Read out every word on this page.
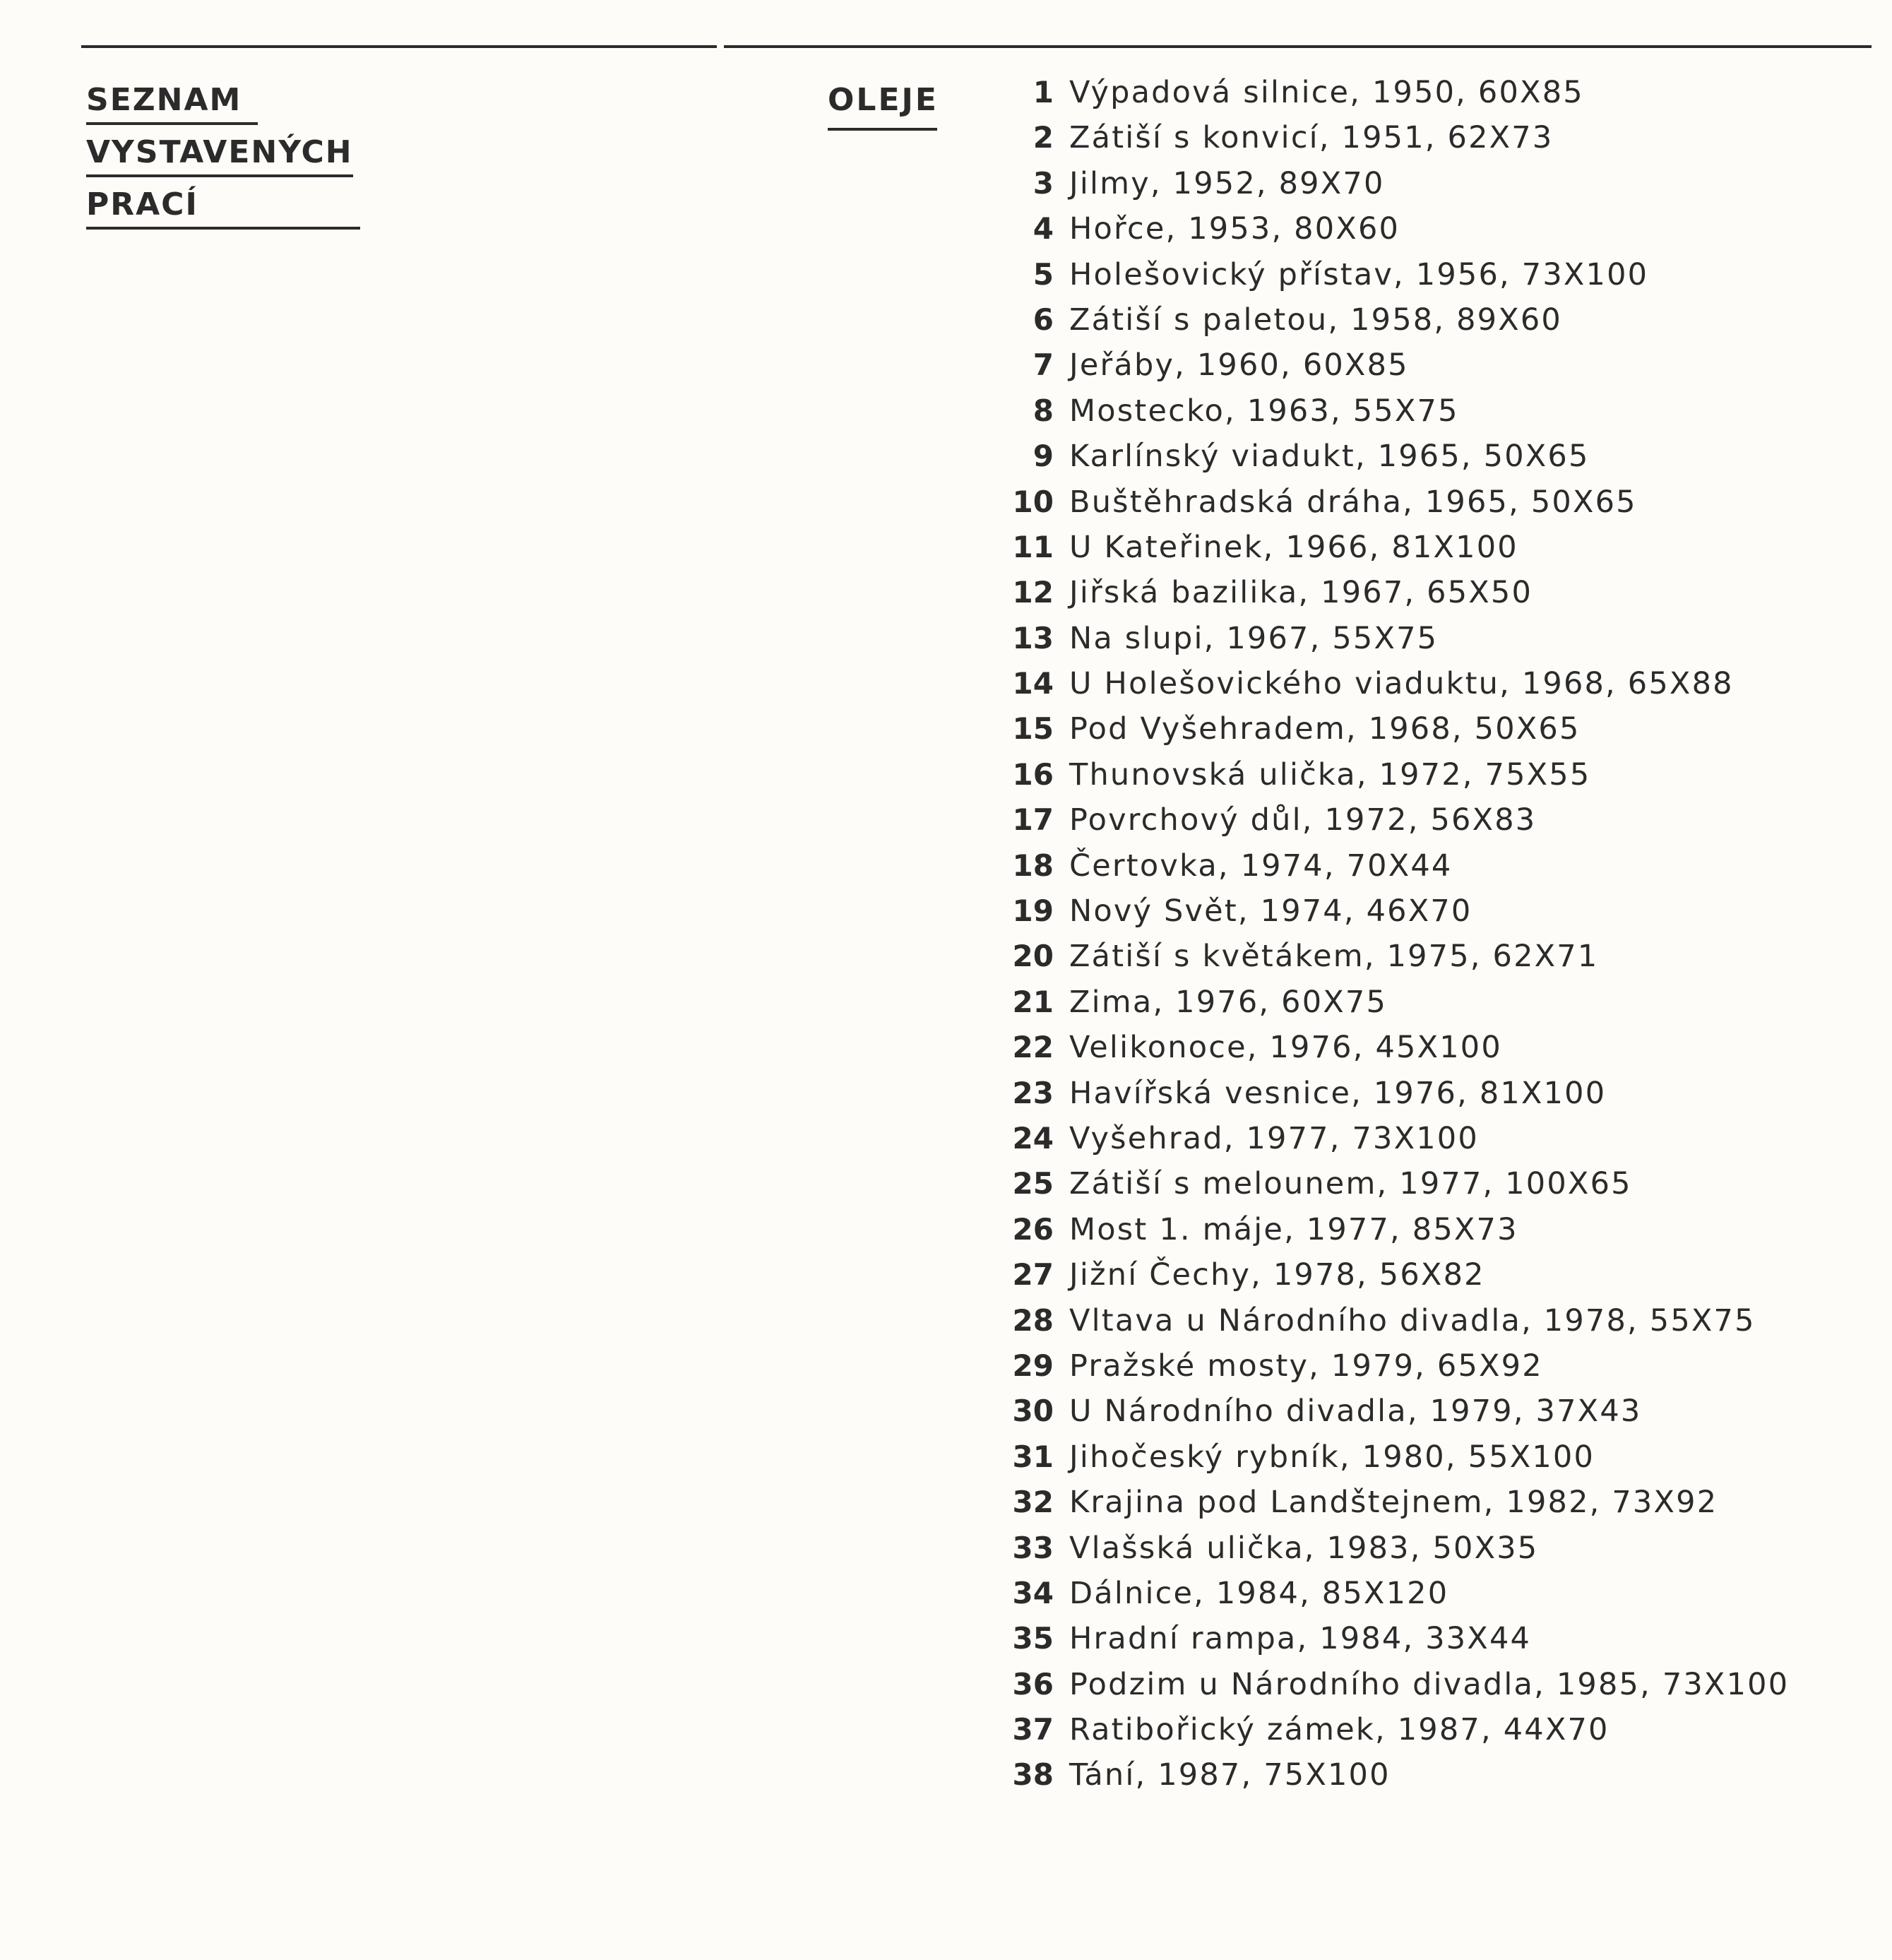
SEZNAM
VYSTAVENÝCH
PRACÍ
OLEJE	1 Výpadová silnice, 1950, 60X85
2 Zátiší s konvicí, 1951, 62X73
3 Jilmy, 1952, 89X70
4 Hořce, 1953, 80X60
5 Holešovický přístav, 1956, 73X100
6 Zátiší s paletou, 1958, 89X60
7 Jeřáby, 1960, 60X85
8 Mostecko, 1963, 55X75
9 Karlínský viadukt, 1965, 50X65
10 Buštěhradská dráha, 1965, 50X65
11 U Kateřinek, 1966, 81X100
12 Jiřská bazilika, 1967, 65X50
13 Na slupi, 1967, 55X75
14 U Holešovického viaduktu, 1968, 65X88
15 Pod Vyšehradem, 1968, 50X65
16 Thunovská ulička, 1972, 75X55
17 Povrchový důl, 1972, 56X83
18 Čertovka, 1974, 70X44
19 Nový Svět, 1974, 46X70
20 Zátiší s květákem, 1975, 62X71
21 Zima, 1976, 60X75
22 Velikonoce, 1976, 45X100
23 Havířská vesnice, 1976, 81X100
24 Vyšehrad, 1977, 73X100
25 Zátiší s melounem, 1977, 100X65
26 Most 1. máje, 1977, 85X73
27 Jižní Čechy, 1978, 56X82
28 Vltava u Národního divadla, 1978, 55X75
29 Pražské mosty, 1979, 65X92
30 U Národního divadla, 1979, 37X43
31 Jihočeský rybník, 1980, 55X100
32 Krajina pod Landštejnem, 1982, 73X92
33 Vlašská ulička, 1983, 50X35
34 Dálnice, 1984, 85X120
35 Hradní rampa, 1984, 33X44
36 Podzim u Národního divadla, 1985, 73X100
37 Ratibořický zámek, 1987, 44X70
38 Tání, 1987, 75X100
